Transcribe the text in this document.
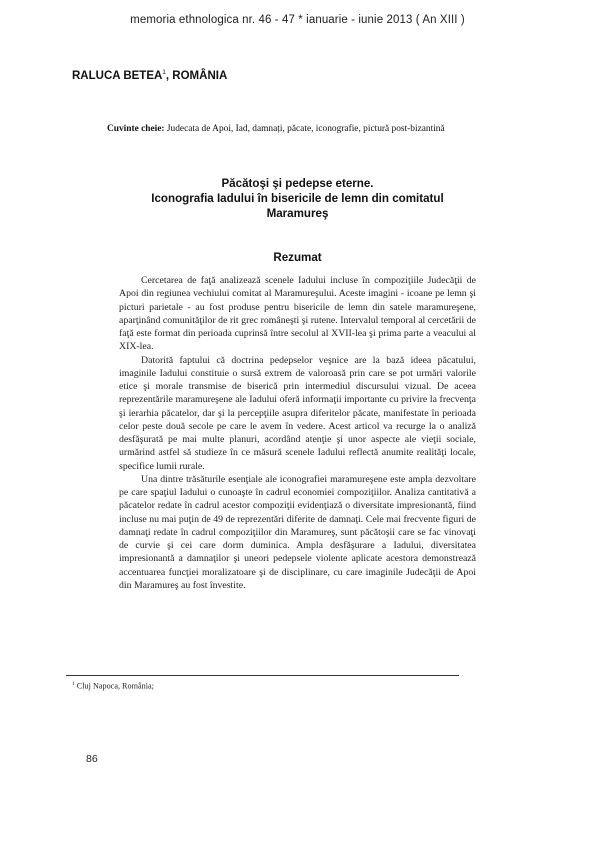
memoria ethnologica nr. 46 - 47 * ianuarie - iunie 2013 ( An XIII )
RALUCA BETEA$^1$, ROMÂNIA
Cuvinte cheie: Judecata de Apoi, Iad, damnați, păcate, iconografie, pictură post-bizantină
Păcătoşi şi pedepse eterne.
Iconografia Iadului în bisericile de lemn din comitatul
Maramureş
Rezumat

Cercetarea de faţă analizează scenele Iadului incluse în compoziţiile Judecăţii de Apoi din regiunea vechiului comitat al Maramureşului. Aceste imagini - icoane pe lemn şi picturi parietale - au fost produse pentru bisericile de lemn din satele maramureşene, aparţinând comunităţilor de rit grec româneşti şi rutene. Intervalul temporal al cercetării de faţă este format din perioada cuprinsă între secolul al XVII-lea şi prima parte a veacului al XIX-lea.

Datorită faptului că doctrina pedepselor veşnice are la bază ideea păcatului, imaginile Iadului constituie o sursă extrem de valoroasă prin care se pot urmări valorile etice şi morale transmise de biserică prin intermediul discursului vizual. De aceea reprezentările maramureşene ale Iadului oferă informaţii importante cu privire la frecvenţa şi ierarhia păcatelor, dar şi la percepţiile asupra diferitelor păcate, manifestate în perioada celor peste două secole pe care le avem în vedere. Acest articol va recurge la o analiză desfăşurată pe mai multe planuri, acordând atenţie şi unor aspecte ale vieţii sociale, urmărind astfel să studieze în ce măsură scenele Iadului reflectă anumite realităţi locale, specifice lumii rurale.

Una dintre trăsăturile esenţiale ale iconografiei maramureşene este ampla dezvoltare pe care spaţiul Iadului o cunoaşte în cadrul economiei compoziţiilor. Analiza cantitativă a păcatelor redate în cadrul acestor compoziţii evidenţiază o diversitate impresionantă, fiind incluse nu mai puţin de 49 de reprezentări diferite de damnaţi. Cele mai frecvente figuri de damnaţi redate în cadrul compoziţiilor din Maramureş, sunt păcătoşii care se fac vinovaţi de curvie şi cei care dorm duminica. Ampla desfăşurare a Iadului, diversitatea impresionantă a damnaţilor şi uneori pedepsele violente aplicate acestora demonstrează accentuarea funcţiei moralizatoare şi de disciplinare, cu care imaginile Judecăţii de Apoi din Maramureş au fost învestite.

$^1$ Cluj Napoca, România;
86
